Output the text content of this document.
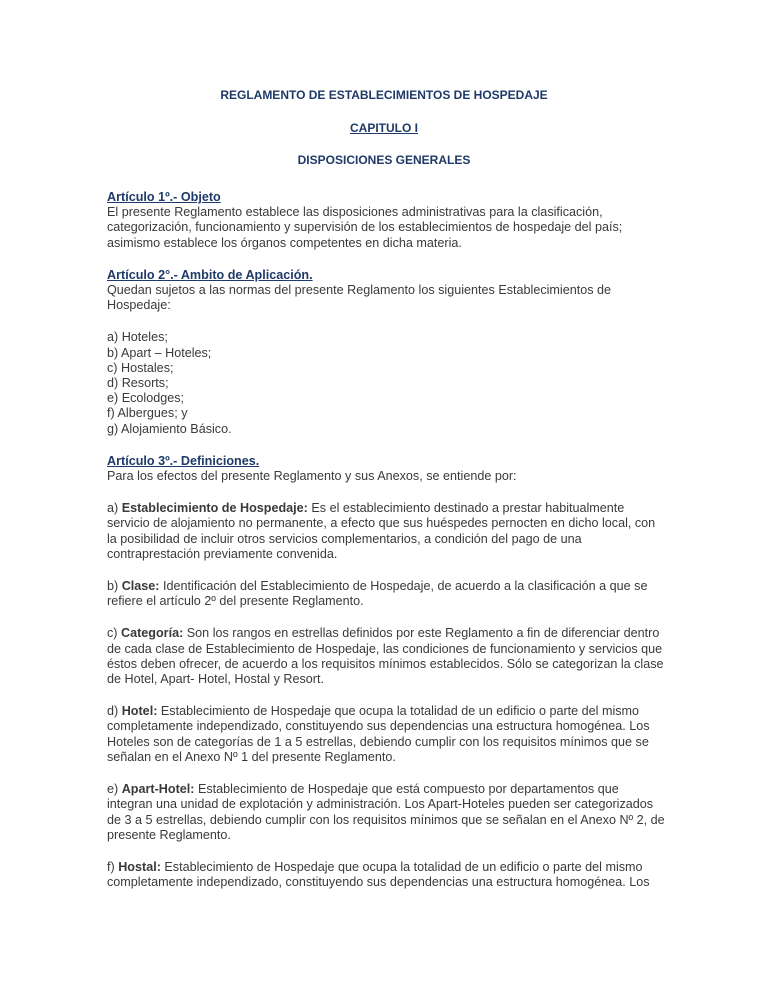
REGLAMENTO DE ESTABLECIMIENTOS DE HOSPEDAJE
CAPITULO I
DISPOSICIONES GENERALES

Artículo 1º.- Objeto

El presente Reglamento establece las disposiciones administrativas para la clasificación, categorización, funcionamiento y supervisión de los establecimientos de hospedaje del país; asimismo establece los órganos competentes en dicha materia.

Artículo 2°.- Ambito de Aplicación.

Quedan sujetos a las normas del presente Reglamento los siguientes Establecimientos de Hospedaje:

a) Hoteles;

b) Apart – Hoteles;

c) Hostales;

d) Resorts;

e) Ecolodges;

f) Albergues; y

g) Alojamiento Básico.

Artículo 3º.- Definiciones.

Para los efectos del presente Reglamento y sus Anexos, se entiende por:

a) Establecimiento de Hospedaje: Es el establecimiento destinado a prestar habitualmente servicio de alojamiento no permanente, a efecto que sus huéspedes pernocten en dicho local, con la posibilidad de incluir otros servicios complementarios, a condición del pago de una contraprestación previamente convenida.

b) Clase: Identificación del Establecimiento de Hospedaje, de acuerdo a la clasificación a que se refiere el artículo 2º del presente Reglamento.

c) Categoría: Son los rangos en estrellas definidos por este Reglamento a fin de diferenciar dentro de cada clase de Establecimiento de Hospedaje, las condiciones de funcionamiento y servicios que éstos deben ofrecer, de acuerdo a los requisitos mínimos establecidos. Sólo se categorizan la clase de Hotel, Apart- Hotel, Hostal y Resort.

d) Hotel: Establecimiento de Hospedaje que ocupa la totalidad de un edificio o parte del mismo completamente independizado, constituyendo sus dependencias una estructura homogénea. Los Hoteles son de categorías de 1 a 5 estrellas, debiendo cumplir con los requisitos mínimos que se señalan en el Anexo Nº 1 del presente Reglamento.

e) Apart-Hotel: Establecimiento de Hospedaje que está compuesto por departamentos que integran una unidad de explotación y administración. Los Apart-Hoteles pueden ser categorizados de 3 a 5 estrellas, debiendo cumplir con los requisitos mínimos que se señalan en el Anexo Nº 2, de presente Reglamento.

f) Hostal: Establecimiento de Hospedaje que ocupa la totalidad de un edificio o parte del mismo completamente independizado, constituyendo sus dependencias una estructura homogénea. Los
